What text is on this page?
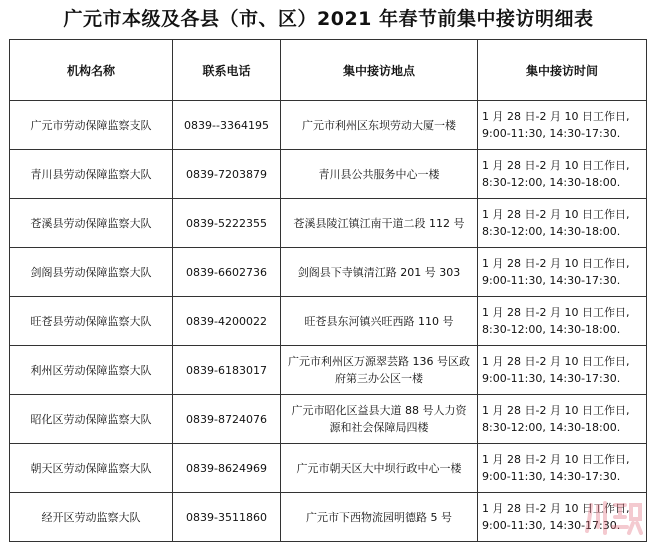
广元市本级及各县（市、区）2021 年春节前集中接访明细表
机构名称	联系电话	集中接访地点	集中接访时间
广元市劳动保障监察支队	0839--3364195	广元市利州区东坝劳动大厦一楼	1 月 28 日-2 月 10 日工作日,
9:00-11:30, 14:30-17:30.

青川县劳动保障监察大队	0839-7203879	青川县公共服务中心一楼	1 月 28 日-2 月 10 日工作日,
8:30-12:00, 14:30-18:00.

苍溪县劳动保障监察大队	0839-5222355	苍溪县陵江镇江南干道二段 112 号	1 月 28 日-2 月 10 日工作日,
8:30-12:00, 14:30-18:00.

剑阁县劳动保障监察大队	0839-6602736	剑阁县下寺镇清江路 201 号 303	1 月 28 日-2 月 10 日工作日,
9:00-11:30, 14:30-17:30.

旺苍县劳动保障监察大队	0839-4200022	旺苍县东河镇兴旺西路 110 号	1 月 28 日-2 月 10 日工作日,
8:30-12:00, 14:30-18:00.

利州区劳动保障监察大队	0839-6183017	广元市利州区万源翠芸路 136 号区政府第三办公区一楼	1 月 28 日-2 月 10 日工作日,
9:00-11:30, 14:30-17:30.

昭化区劳动保障监察大队	0839-8724076	广元市昭化区益县大道 88 号人力资源和社会保障局四楼	1 月 28 日-2 月 10 日工作日,
8:30-12:00, 14:30-18:00.

朝天区劳动保障监察大队	0839-8624969	广元市朝天区大中坝行政中心一楼	1 月 28 日-2 月 10 日工作日,
9:00-11:30, 14:30-17:30.

经开区劳动监察大队	0839-3511860	广元市下西物流园明德路 5 号	1 月 28 日-2 月 10 日工作日,
9:00-11:30, 14:30-17:30.
